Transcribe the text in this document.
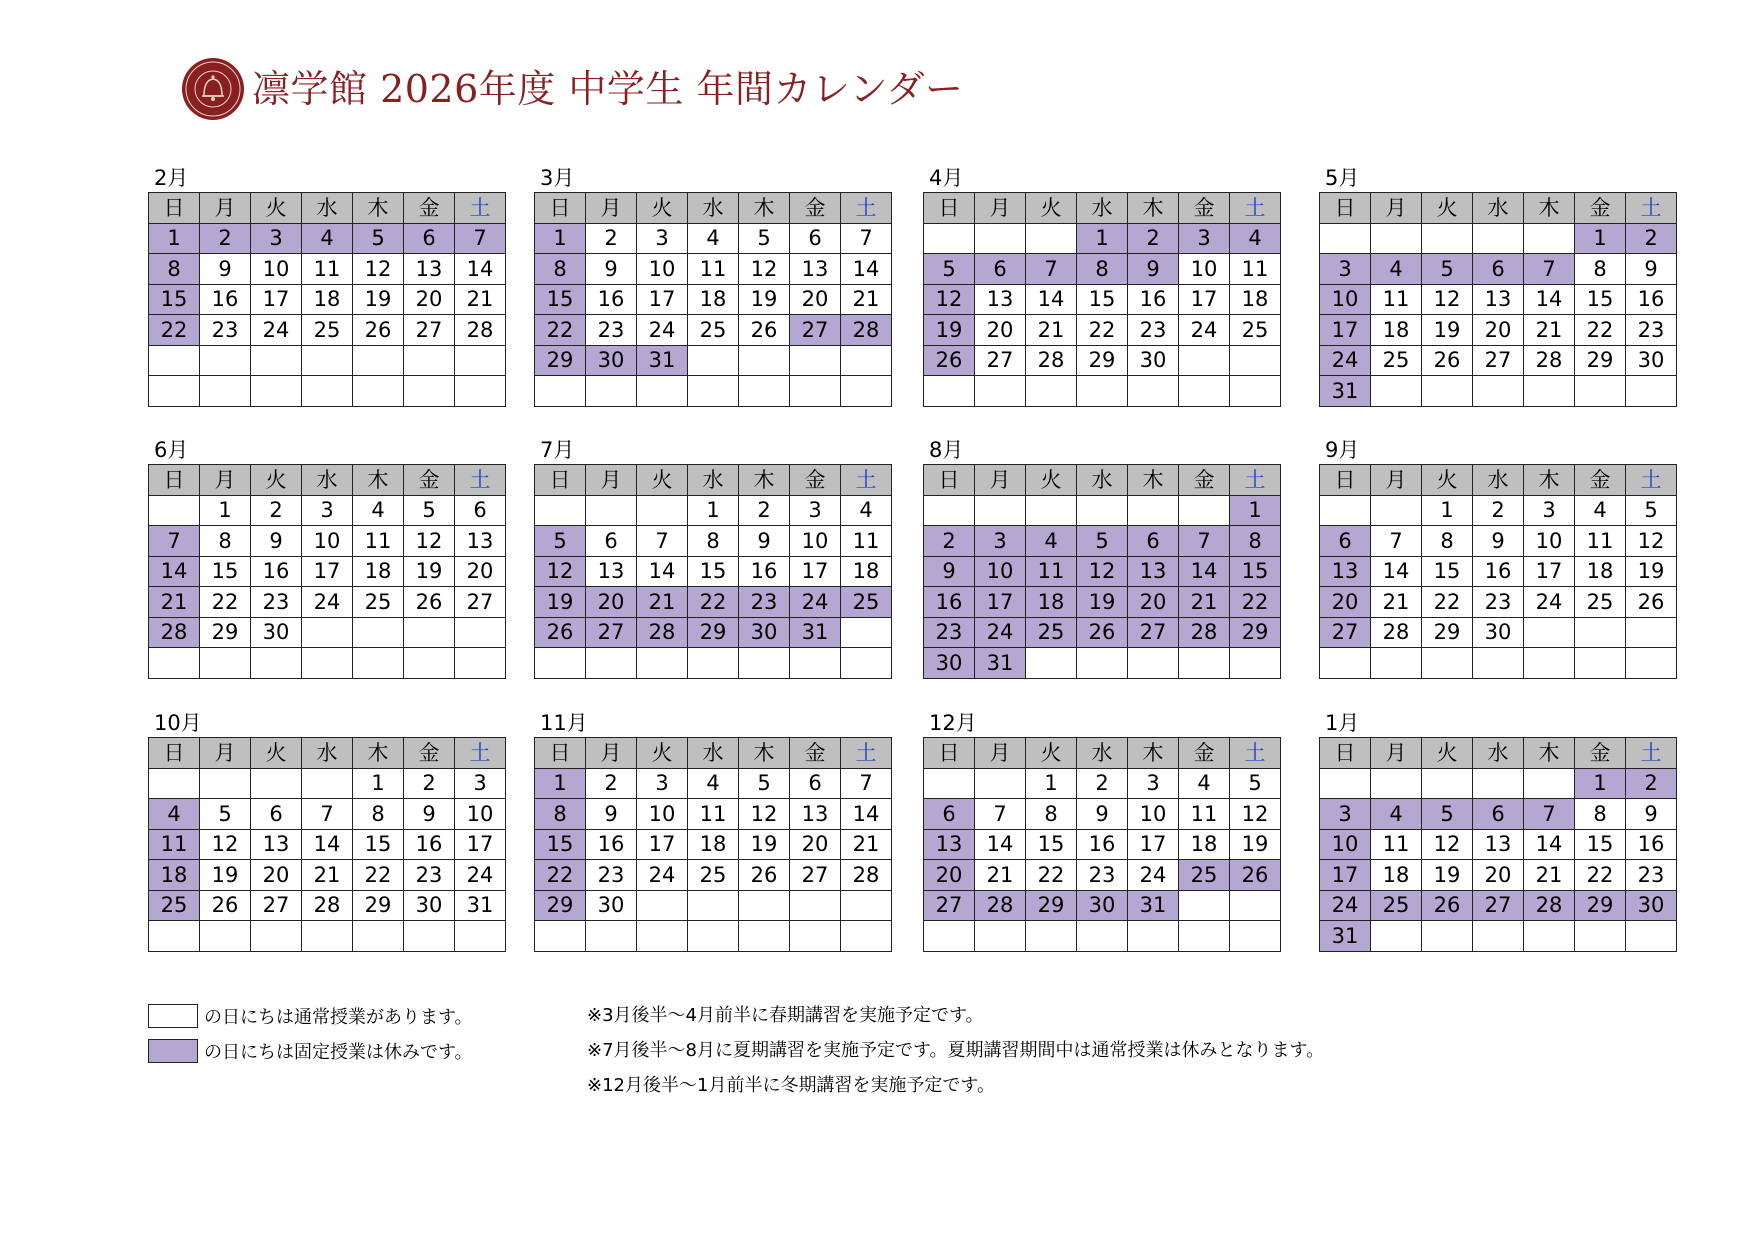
凛学館 2026年度 中学生 年間カレンダー
2月
日	月	火	水	木	金	土
1	2	3	4	5	6	7
8	9	10	11	12	13	14
15	16	17	18	19	20	21
22	23	24	25	26	27	28

3月
日	月	火	水	木	金	土
1	2	3	4	5	6	7
8	9	10	11	12	13	14
15	16	17	18	19	20	21
22	23	24	25	26	27	28
29	30	31				

4月
日	月	火	水	木	金	土
			1	2	3	4
5	6	7	8	9	10	11
12	13	14	15	16	17	18
19	20	21	22	23	24	25
26	27	28	29	30		

5月
日	月	火	水	木	金	土
					1	2
3	4	5	6	7	8	9
10	11	12	13	14	15	16
17	18	19	20	21	22	23
24	25	26	27	28	29	30
31						
6月
日	月	火	水	木	金	土
	1	2	3	4	5	6
7	8	9	10	11	12	13
14	15	16	17	18	19	20
21	22	23	24	25	26	27
28	29	30				

7月
日	月	火	水	木	金	土
			1	2	3	4
5	6	7	8	9	10	11
12	13	14	15	16	17	18
19	20	21	22	23	24	25
26	27	28	29	30	31	

8月
日	月	火	水	木	金	土
						1
2	3	4	5	6	7	8
9	10	11	12	13	14	15
16	17	18	19	20	21	22
23	24	25	26	27	28	29
30	31					
9月
日	月	火	水	木	金	土
		1	2	3	4	5
6	7	8	9	10	11	12
13	14	15	16	17	18	19
20	21	22	23	24	25	26
27	28	29	30			

10月
日	月	火	水	木	金	土
				1	2	3
4	5	6	7	8	9	10
11	12	13	14	15	16	17
18	19	20	21	22	23	24
25	26	27	28	29	30	31

11月
日	月	火	水	木	金	土
1	2	3	4	5	6	7
8	9	10	11	12	13	14
15	16	17	18	19	20	21
22	23	24	25	26	27	28
29	30					

12月
日	月	火	水	木	金	土
		1	2	3	4	5
6	7	8	9	10	11	12
13	14	15	16	17	18	19
20	21	22	23	24	25	26
27	28	29	30	31		

1月
日	月	火	水	木	金	土
					1	2
3	4	5	6	7	8	9
10	11	12	13	14	15	16
17	18	19	20	21	22	23
24	25	26	27	28	29	30
31						
の日にちは通常授業があります。
の日にちは固定授業は休みです。
※3月後半～4月前半に春期講習を実施予定です。
※7月後半～8月に夏期講習を実施予定です。夏期講習期間中は通常授業は休みとなります。
※12月後半～1月前半に冬期講習を実施予定です。
